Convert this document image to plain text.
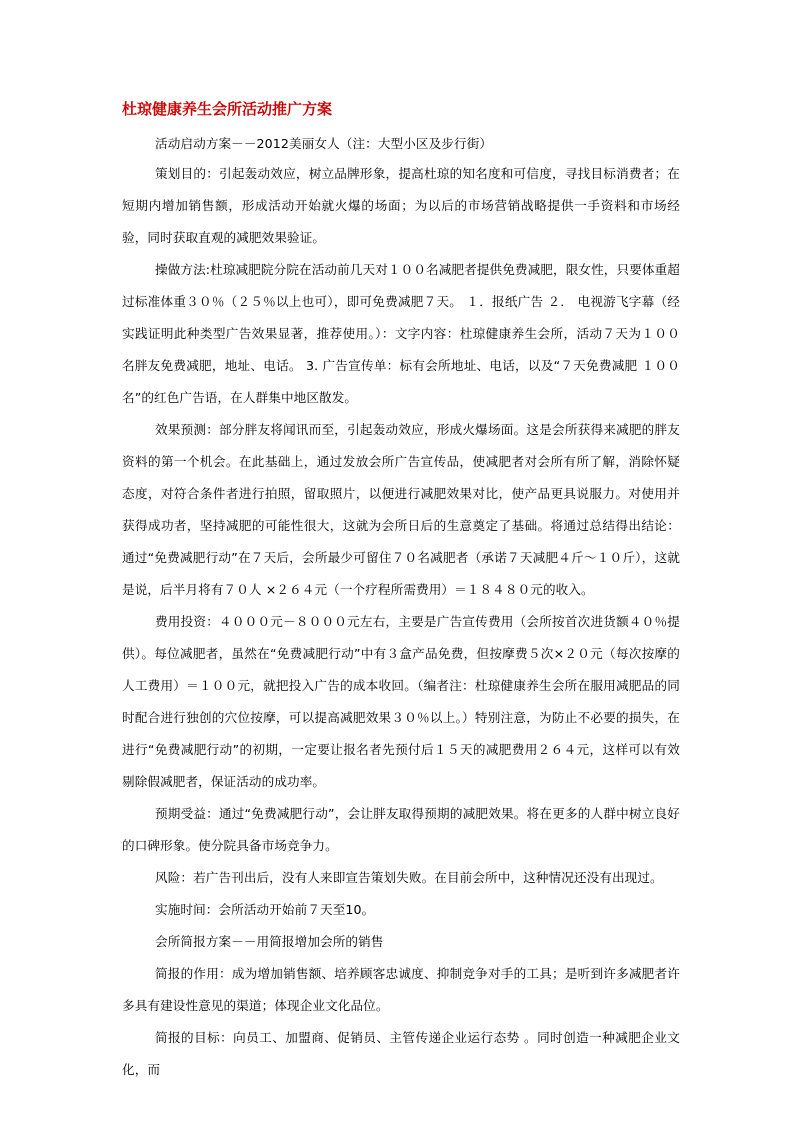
杜琼健康养生会所活动推广方案

活动启动方案－－2012美丽女人（注：大型小区及步行街）

策划目的：引起轰动效应，树立品牌形象，提高杜琼的知名度和可信度，寻找目标消费者；在短期内增加销售额，形成活动开始就火爆的场面；为以后的市场营销战略提供一手资料和市场经验，同时获取直观的减肥效果验证。

操做方法:杜琼减肥院分院在活动前几天对１００名减肥者提供免费减肥，限女性，只要体重超过标准体重３０％（２５％以上也可），即可免费减肥７天。 １．报纸广告 ２． 电视游飞字幕（经实践证明此种类型广告效果显著，推荐使用。）：文字内容：杜琼健康养生会所，活动７天为１００名胖友免费减肥，地址、电话。 3. 广告宣传单：标有会所地址、电话，以及“７天免费减肥 １００名”的红色广告语，在人群集中地区散发。

效果预测：部分胖友将闻讯而至，引起轰动效应，形成火爆场面。这是会所获得来减肥的胖友资料的第一个机会。在此基础上，通过发放会所广告宣传品，使减肥者对会所有所了解，消除怀疑态度，对符合条件者进行拍照，留取照片，以便进行减肥效果对比，使产品更具说服力。对使用并获得成功者，坚持减肥的可能性很大，这就为会所日后的生意奠定了基础。将通过总结得出结论：通过“免费减肥行动”在７天后，会所最少可留住７０名减肥者（承诺７天减肥４斤～１０斤），这就是说，后半月将有７０人 ×２６４元（一个疗程所需费用）＝１８４８０元的收入。

费用投资：４０００元－８０００元左右，主要是广告宣传费用（会所按首次进货额４０％提供）。每位减肥者，虽然在“免费减肥行动”中有３盒产品免费，但按摩费５次×２０元（每次按摩的人工费用）＝１００元，就把投入广告的成本收回。（编者注：杜琼健康养生会所在服用减肥品的同时配合进行独创的穴位按摩，可以提高减肥效果３０％以上。）特别注意，为防止不必要的损失，在进行“免费减肥行动”的初期，一定要让报名者先预付后１５天的减肥费用２６４元，这样可以有效剔除假减肥者，保证活动的成功率。

预期受益：通过“免费减肥行动”，会让胖友取得预期的减肥效果。将在更多的人群中树立良好的口碑形象。使分院具备市场竞争力。

风险：若广告刊出后，没有人来即宣告策划失败。在目前会所中，这种情况还没有出现过。

实施时间：会所活动开始前７天至10。

会所简报方案－－用简报增加会所的销售

简报的作用：成为增加销售额、培养顾客忠诚度、抑制竞争对手的工具；是听到许多减肥者许多具有建设性意见的渠道；体现企业文化品位。

简报的目标：向员工、加盟商、促销员、主管传递企业运行态势 。同时创造一种减肥企业文化，而
